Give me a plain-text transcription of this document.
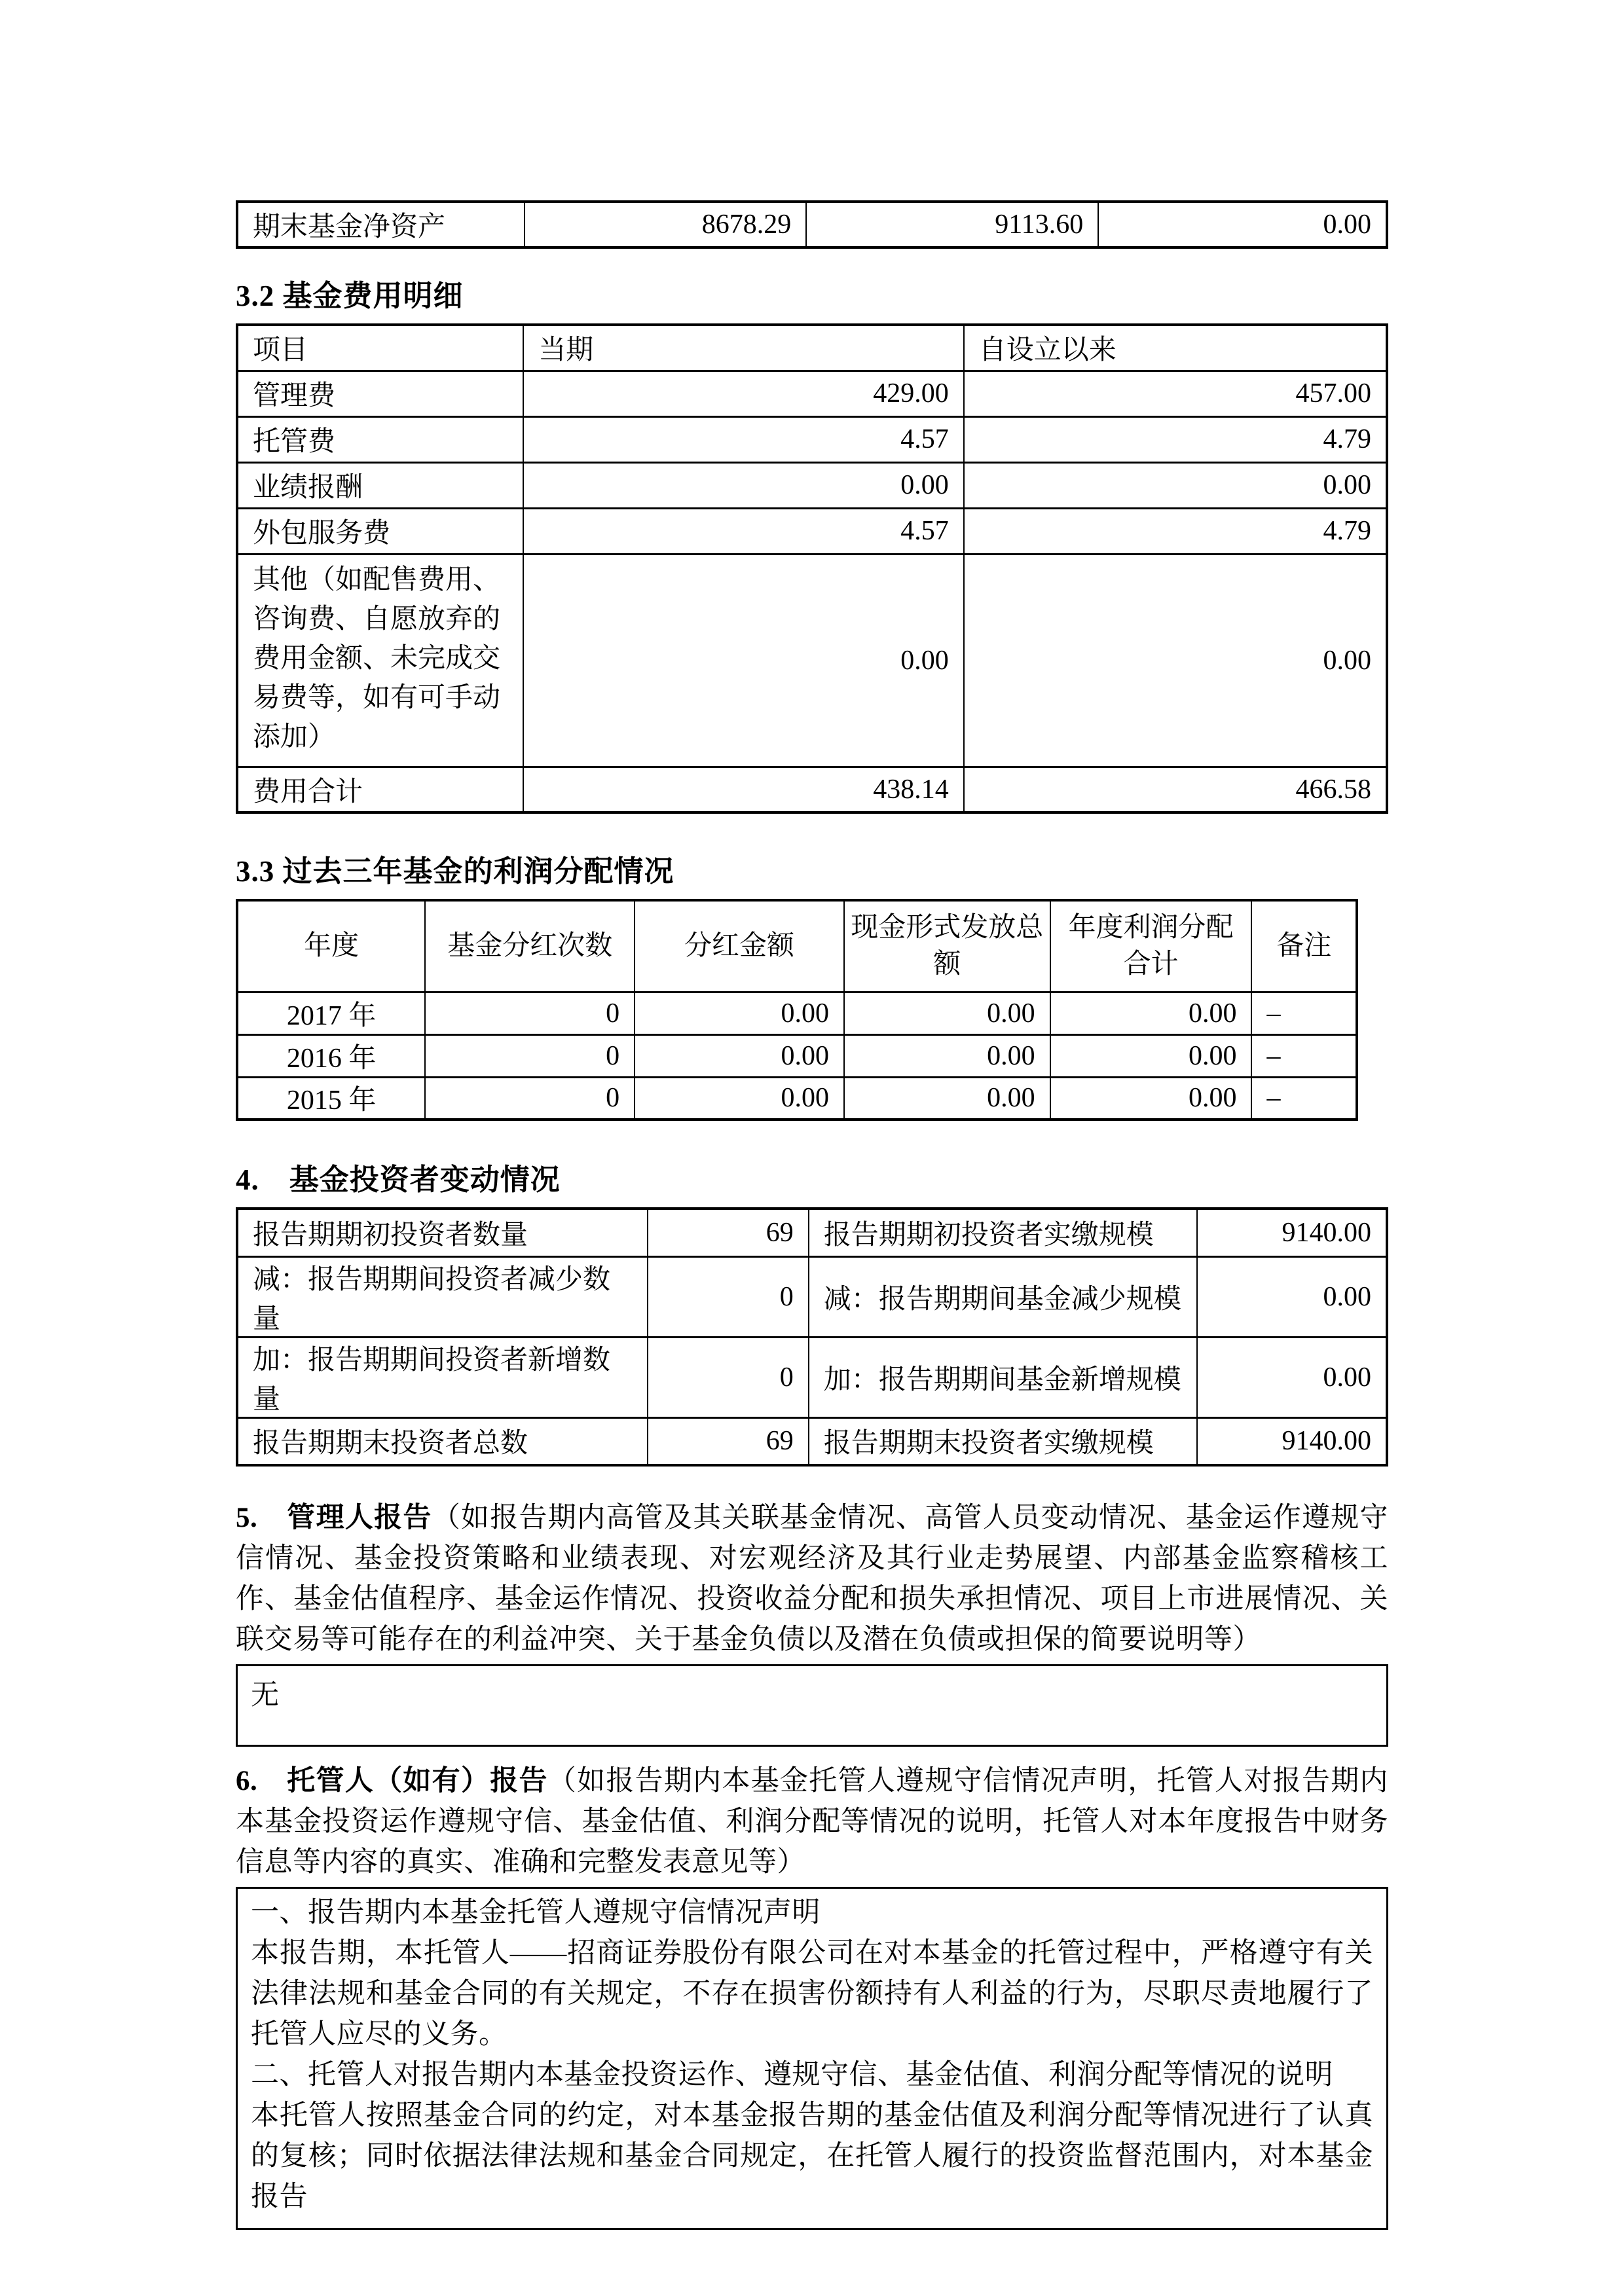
期末基金净资产	8678.29	9113.60	0.00
3.2 基金费用明细
项目	当期	自设立以来
管理费	429.00	457.00
托管费	4.57	4.79
业绩报酬	0.00	0.00
外包服务费	4.57	4.79
其他（如配售费用、咨询费、自愿放弃的费用金额、未完成交易费等，如有可手动添加）	0.00	0.00
费用合计	438.14	466.58
3.3 过去三年基金的利润分配情况
年度	基金分红次数	分红金额	现金形式发放总额	年度利润分配合计	备注
2017 年	0	0.00	0.00	0.00	–
2016 年	0	0.00	0.00	0.00	–
2015 年	0	0.00	0.00	0.00	–
4.　基金投资者变动情况
报告期期初投资者数量	69	报告期期初投资者实缴规模	9140.00
减：报告期期间投资者减少数量	0	减：报告期期间基金减少规模	0.00
加：报告期期间投资者新增数量	0	加：报告期期间基金新增规模	0.00
报告期期末投资者总数	69	报告期期末投资者实缴规模	9140.00

5.　管理人报告（如报告期内高管及其关联基金情况、高管人员变动情况、基金运作遵规守信情况、基金投资策略和业绩表现、对宏观经济及其行业走势展望、内部基金监察稽核工作、基金估值程序、基金运作情况、投资收益分配和损失承担情况、项目上市进展情况、关联交易等可能存在的利益冲突、关于基金负债以及潜在负债或担保的简要说明等）

无

6.　托管人（如有）报告（如报告期内本基金托管人遵规守信情况声明，托管人对报告期内本基金投资运作遵规守信、基金估值、利润分配等情况的说明，托管人对本年度报告中财务信息等内容的真实、准确和完整发表意见等）

一、报告期内本基金托管人遵规守信情况声明

本报告期，本托管人——招商证券股份有限公司在对本基金的托管过程中，严格遵守有关法律法规和基金合同的有关规定，不存在损害份额持有人利益的行为，尽职尽责地履行了托管人应尽的义务。

二、托管人对报告期内本基金投资运作、遵规守信、基金估值、利润分配等情况的说明

本托管人按照基金合同的约定，对本基金报告期的基金估值及利润分配等情况进行了认真的复核；同时依据法律法规和基金合同规定，在托管人履行的投资监督范围内，对本基金报告
